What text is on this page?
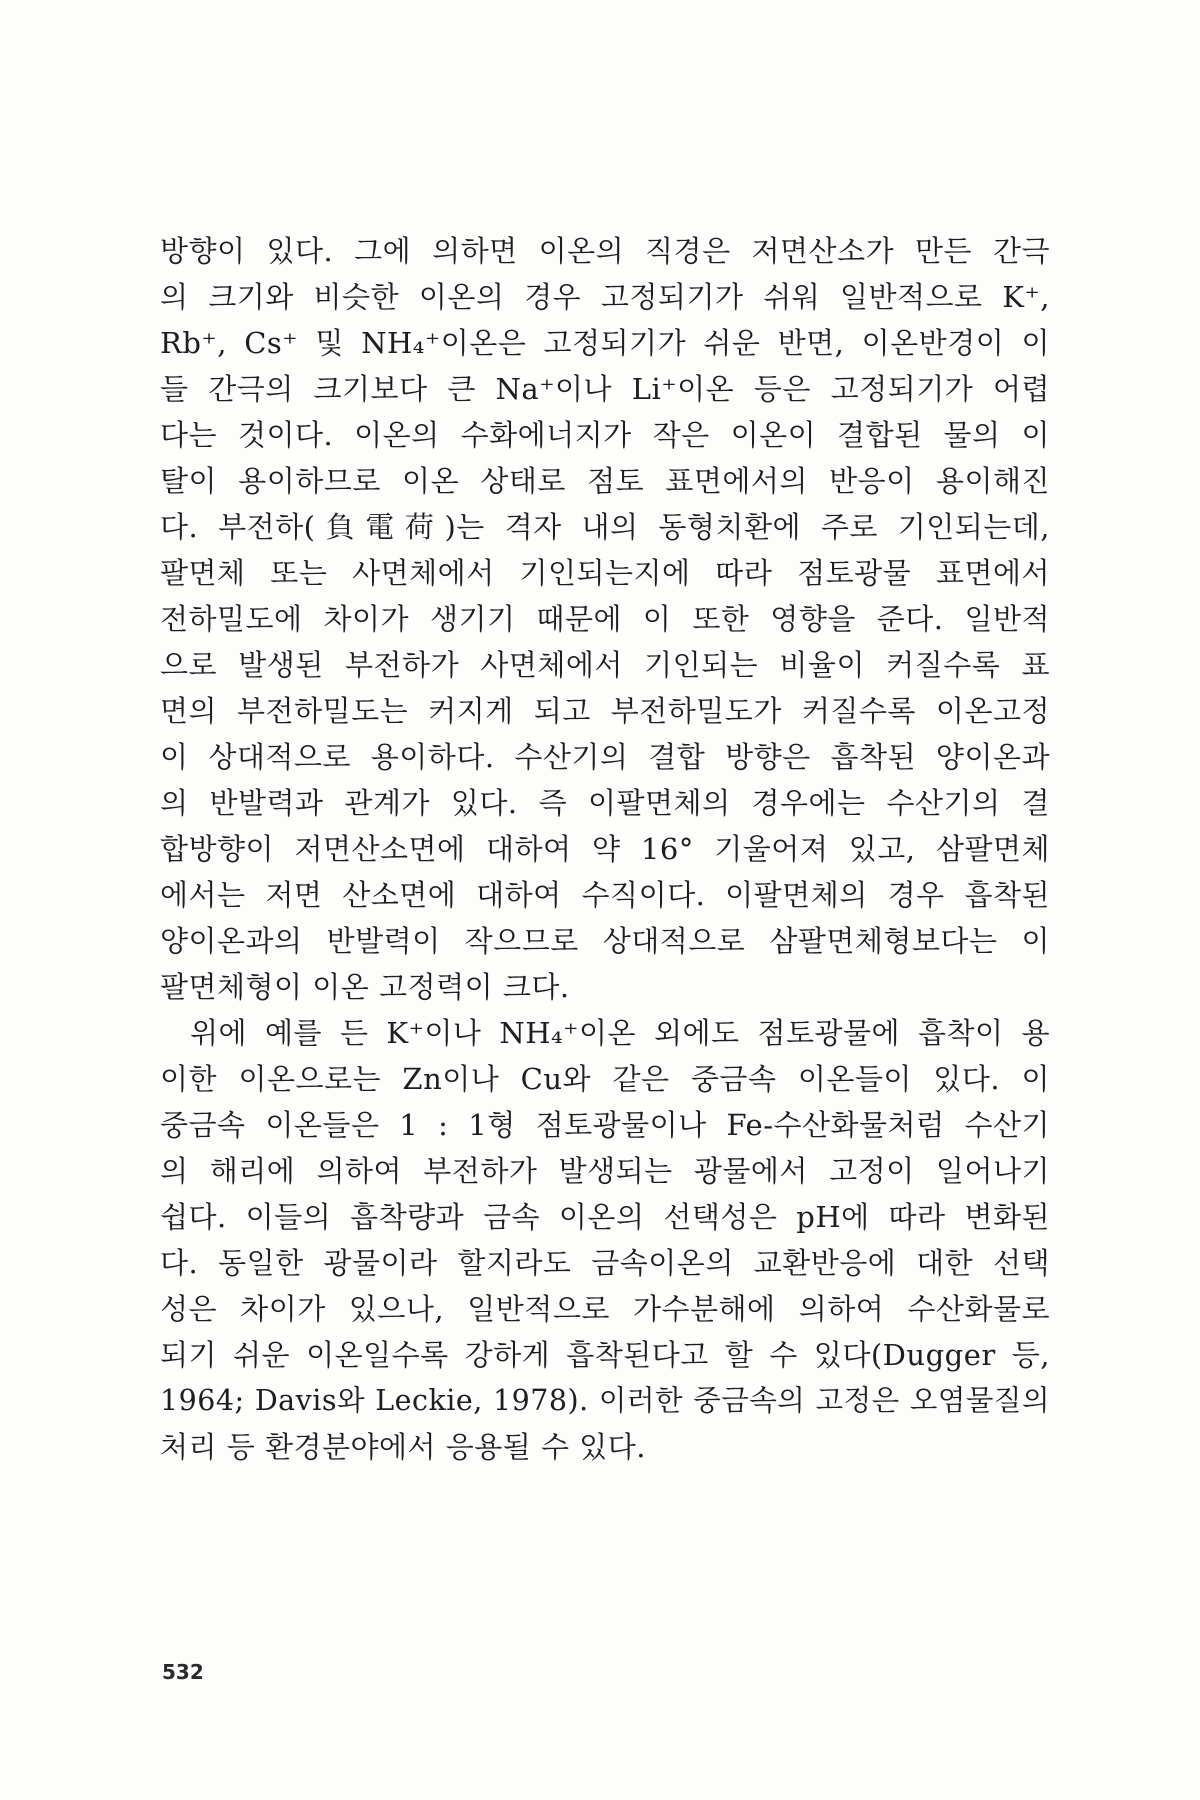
방향이 있다. 그에 의하면 이온의 직경은 저면산소가 만든 간극
의 크기와 비슷한 이온의 경우 고정되기가 쉬워 일반적으로 K⁺,
Rb⁺, Cs⁺ 및 NH₄⁺이온은 고정되기가 쉬운 반면, 이온반경이 이
들 간극의 크기보다 큰 Na⁺이나 Li⁺이온 등은 고정되기가 어렵
다는 것이다. 이온의 수화에너지가 작은 이온이 결합된 물의 이
탈이 용이하므로 이온 상태로 점토 표면에서의 반응이 용이해진
다. 부전하(負電荷)는 격자 내의 동형치환에 주로 기인되는데,
팔면체 또는 사면체에서 기인되는지에 따라 점토광물 표면에서
전하밀도에 차이가 생기기 때문에 이 또한 영향을 준다. 일반적
으로 발생된 부전하가 사면체에서 기인되는 비율이 커질수록 표
면의 부전하밀도는 커지게 되고 부전하밀도가 커질수록 이온고정
이 상대적으로 용이하다. 수산기의 결합 방향은 흡착된 양이온과
의 반발력과 관계가 있다. 즉 이팔면체의 경우에는 수산기의 결
합방향이 저면산소면에 대하여 약 16° 기울어져 있고, 삼팔면체
에서는 저면 산소면에 대하여 수직이다. 이팔면체의 경우 흡착된
양이온과의 반발력이 작으므로 상대적으로 삼팔면체형보다는 이
팔면체형이 이온 고정력이 크다.
위에 예를 든 K⁺이나 NH₄⁺이온 외에도 점토광물에 흡착이 용
이한 이온으로는 Zn이나 Cu와 같은 중금속 이온들이 있다. 이
중금속 이온들은 1 : 1형 점토광물이나 Fe-수산화물처럼 수산기
의 해리에 의하여 부전하가 발생되는 광물에서 고정이 일어나기
쉽다. 이들의 흡착량과 금속 이온의 선택성은 pH에 따라 변화된
다. 동일한 광물이라 할지라도 금속이온의 교환반응에 대한 선택
성은 차이가 있으나, 일반적으로 가수분해에 의하여 수산화물로
되기 쉬운 이온일수록 강하게 흡착된다고 할 수 있다(Dugger 등,
1964; Davis와 Leckie, 1978). 이러한 중금속의 고정은 오염물질의
처리 등 환경분야에서 응용될 수 있다.
532
